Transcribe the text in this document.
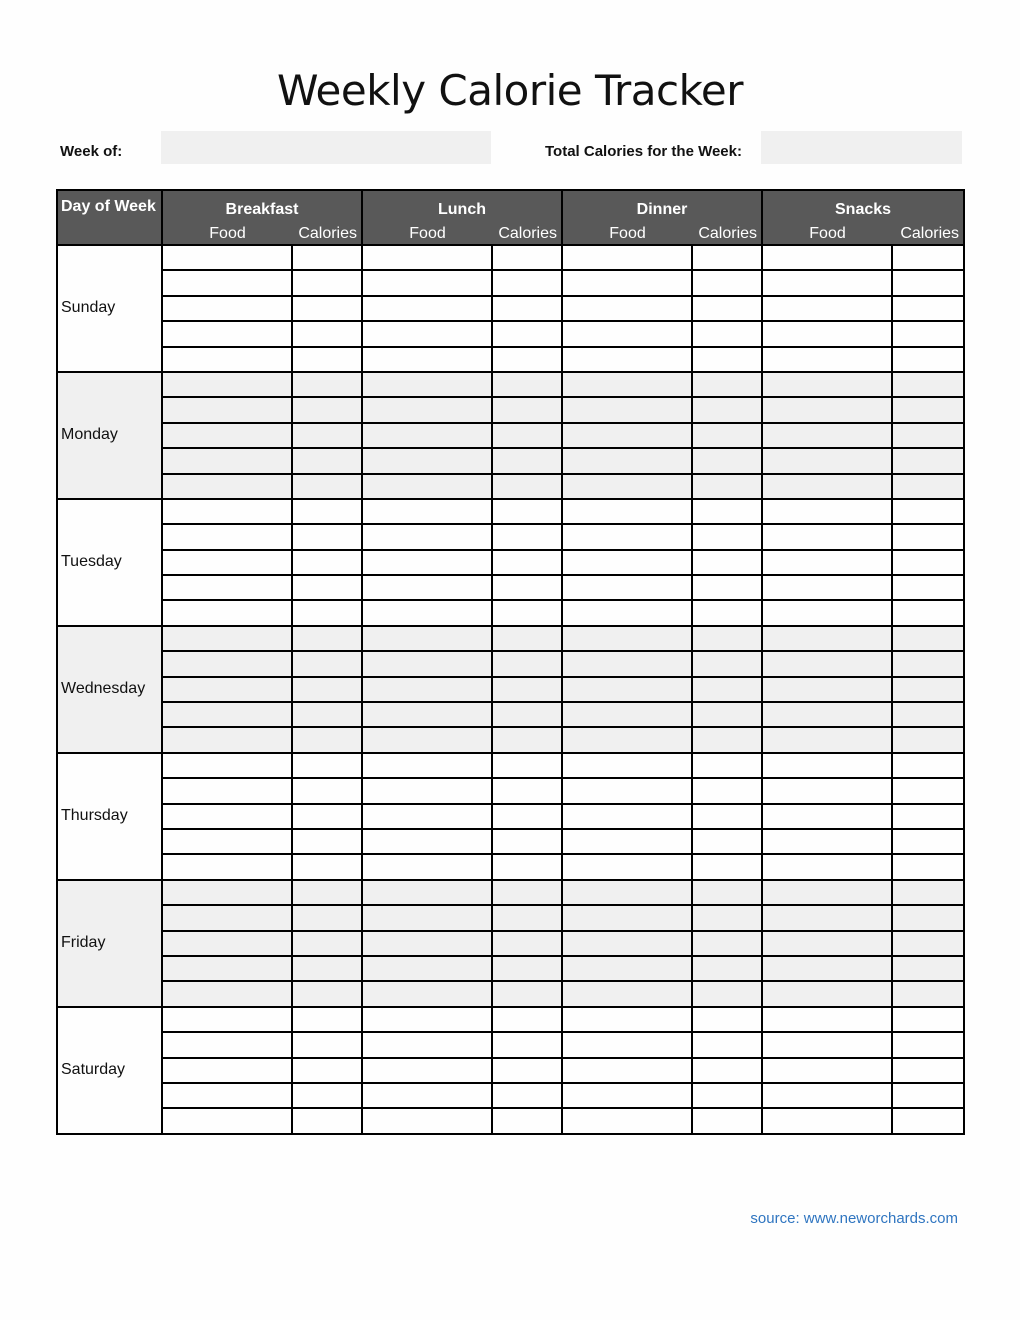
Weekly Calorie Tracker
Week of:	Total Calories for the Week:
Day of Week	Breakfast		Lunch		Dinner		Snacks	
	Food	Calories	Food	Calories	Food	Calories	Food	Calories
Sunday								

Monday								

Tuesday								

Wednesday								

Thursday								

Friday								

Saturday								

source: www.neworchards.com
